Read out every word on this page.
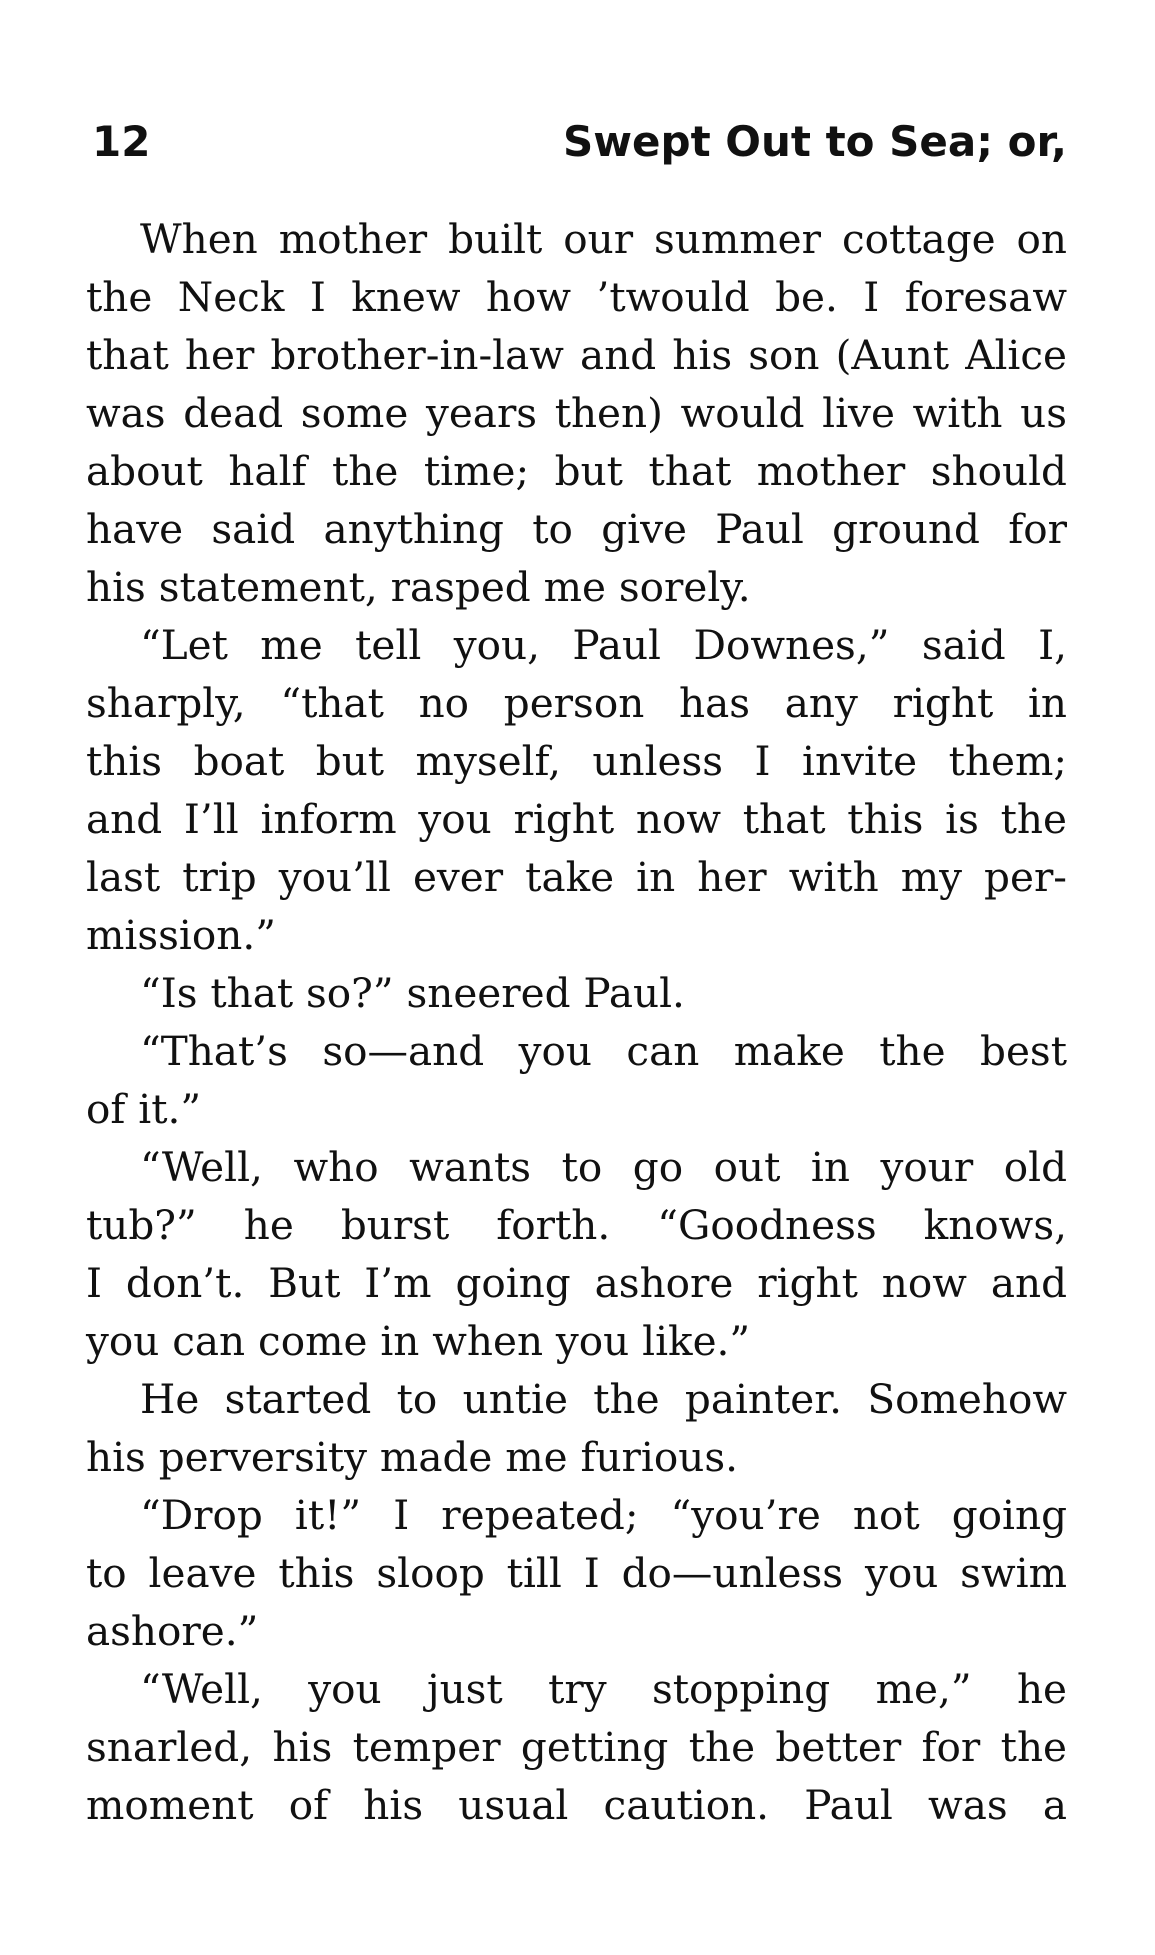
12	Swept Out to Sea; or,
When mother built our summer cottage on
the Neck I knew how ’twould be. I foresaw
that her brother-in-law and his son (Aunt Alice
was dead some years then) would live with us
about half the time; but that mother should
have said anything to give Paul ground for
his statement, rasped me sorely.
“Let me tell you, Paul Downes,” said I,
sharply, “that no person has any right in
this boat but myself, unless I invite them;
and I’ll inform you right now that this is the
last trip you’ll ever take in her with my per-
mission.”
“Is that so?” sneered Paul.
“That’s so—and you can make the best
of it.”
“Well, who wants to go out in your old
tub?” he burst forth. “Goodness knows,
I don’t. But I’m going ashore right now and
you can come in when you like.”
He started to untie the painter. Somehow
his perversity made me furious.
“Drop it!” I repeated; “you’re not going
to leave this sloop till I do—unless you swim
ashore.”
“Well, you just try stopping me,” he
snarled, his temper getting the better for the
moment of his usual caution. Paul was a
